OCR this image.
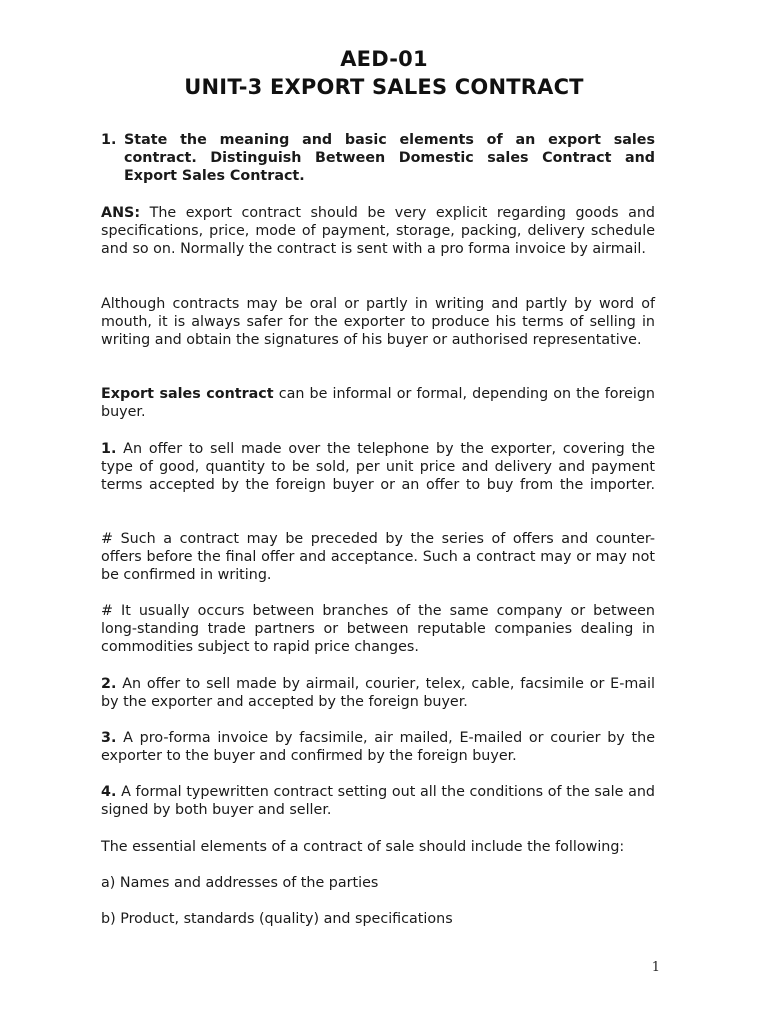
AED-01
UNIT-3 EXPORT SALES CONTRACT
1. State the meaning and basic elements of an export sales contract. Distinguish Between Domestic sales Contract and Export Sales Contract.
ANS: The export contract should be very explicit regarding goods and specifications, price, mode of payment, storage, packing, delivery schedule and so on. Normally the contract is sent with a pro forma invoice by airmail.
Although contracts may be oral or partly in writing and partly by word of mouth, it is always safer for the exporter to produce his terms of selling in writing and obtain the signatures of his buyer or authorised representative.
Export sales contract can be informal or formal, depending on the foreign buyer.
1. An offer to sell made over the telephone by the exporter, covering the type of good, quantity to be sold, per unit price and delivery and payment terms accepted by the foreign buyer or an offer to buy from the importer.
# Such a contract may be preceded by the series of offers and counter-offers before the final offer and acceptance. Such a contract may or may not be confirmed in writing.
# It usually occurs between branches of the same company or between long-standing trade partners or between reputable companies dealing in commodities subject to rapid price changes.
2. An offer to sell made by airmail, courier, telex, cable, facsimile or E-mail by the exporter and accepted by the foreign buyer.
3. A pro-forma invoice by facsimile, air mailed, E-mailed or courier by the exporter to the buyer and confirmed by the foreign buyer.
4. A formal typewritten contract setting out all the conditions of the sale and signed by both buyer and seller.
The essential elements of a contract of sale should include the following:
a) Names and addresses of the parties
b) Product, standards (quality) and specifications
1
